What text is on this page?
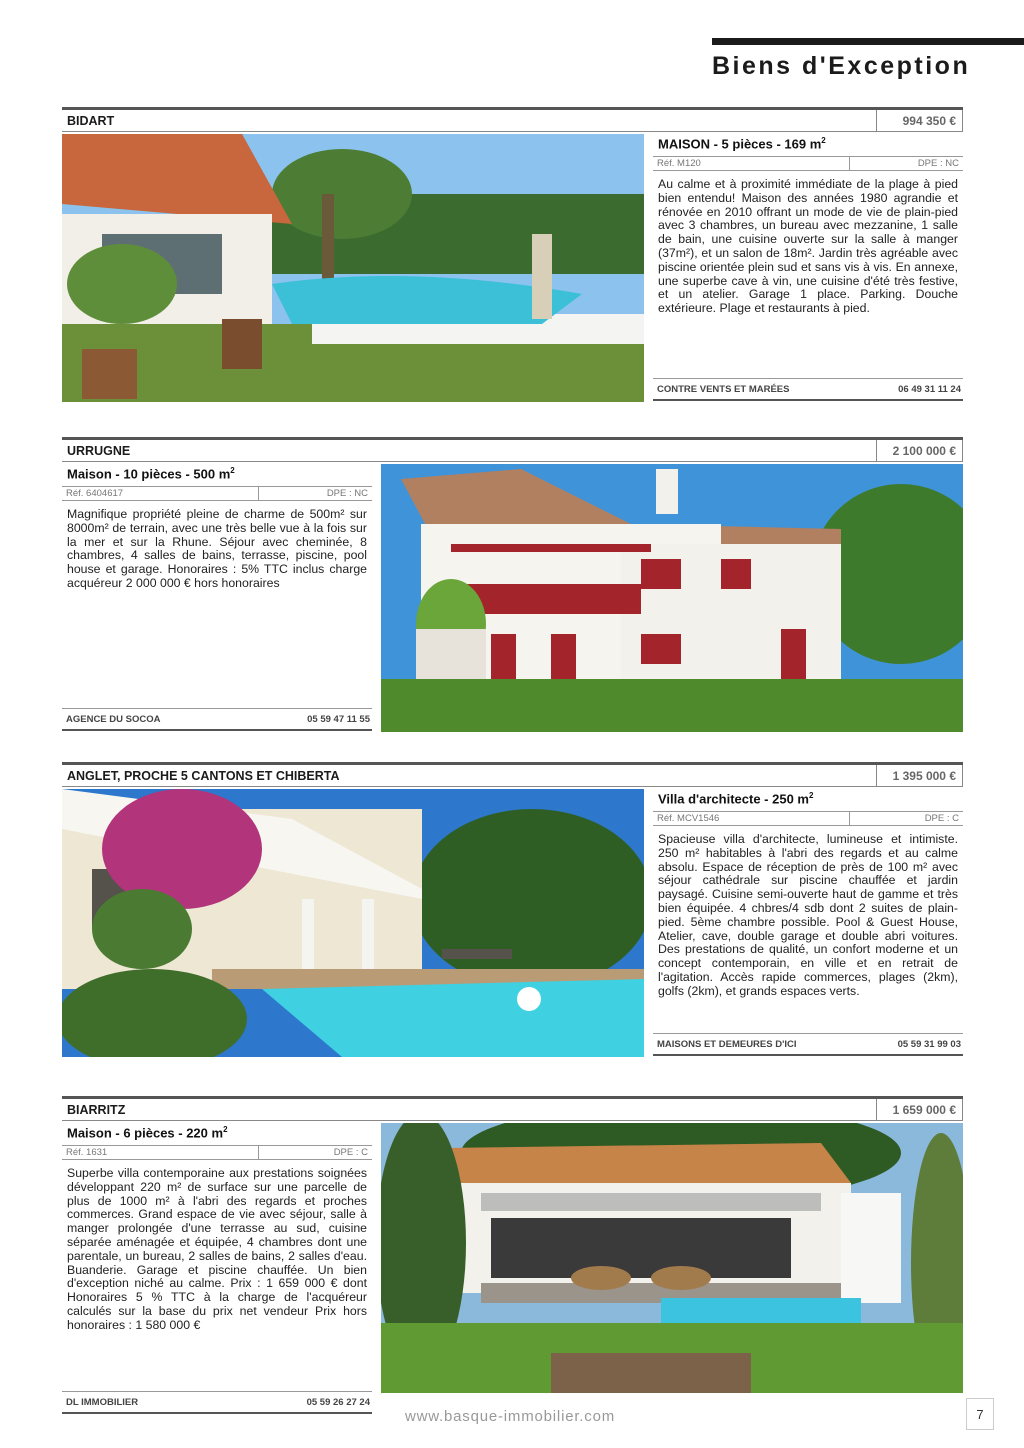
Biens d'Exception
BIDART	994 350 €
MAISON - 5 pièces - 169 $m^2$
Réf. M120	DPE : NC
Au calme et à proximité immédiate de la plage à pied bien entendu! Maison des années 1980 agrandie et rénovée en 2010 offrant un mode de vie de plain-pied avec 3 chambres, un bureau avec mezzanine, 1 salle de bain, une cuisine ouverte sur la salle à manger (37m²), et un salon de 18m². Jardin très agréable avec piscine orientée plein sud et sans vis à vis. En annexe, une superbe cave à vin, une cuisine d'été très festive, et un atelier. Garage 1 place. Parking. Douche extérieure. Plage et restaurants à pied.
CONTRE VENTS ET MARÉES	06 49 31 11 24
URRUGNE	2 100 000 €
Maison - 10 pièces - 500 $m^2$
Réf. 6404617	DPE : NC
Magnifique propriété pleine de charme de 500m² sur 8000m² de terrain, avec une très belle vue à la fois sur la mer et sur la Rhune. Séjour avec cheminée, 8 chambres, 4 salles de bains, terrasse, piscine, pool house et garage. Honoraires : 5% TTC inclus charge acquéreur 2 000 000 € hors honoraires
AGENCE DU SOCOA	05 59 47 11 55
ANGLET, PROCHE 5 CANTONS ET CHIBERTA	1 395 000 €
Villa d'architecte - 250 $m^2$
Réf. MCV1546	DPE : C
Spacieuse villa d'architecte, lumineuse et intimiste. 250 m² habitables à l'abri des regards et au calme absolu. Espace de réception de près de 100 m² avec séjour cathédrale sur piscine chauffée et jardin paysagé. Cuisine semi-ouverte haut de gamme et très bien équipée. 4 chbres/4 sdb dont 2 suites de plain-pied. 5ème chambre possible. Pool & Guest House, Atelier, cave, double garage et double abri voitures. Des prestations de qualité, un confort moderne et un concept contemporain, en ville et en retrait de l'agitation. Accès rapide commerces, plages (2km), golfs (2km), et grands espaces verts.
MAISONS ET DEMEURES D'ICI	05 59 31 99 03
BIARRITZ	1 659 000 €
Maison - 6 pièces - 220 $m^2$
Réf. 1631	DPE : C
Superbe villa contemporaine aux prestations soignées développant 220 m² de surface sur une parcelle de plus de 1000 m² à l'abri des regards et proches commerces. Grand espace de vie avec séjour, salle à manger prolongée d'une terrasse au sud, cuisine séparée aménagée et équipée, 4 chambres dont une parentale, un bureau, 2 salles de bains, 2 salles d'eau. Buanderie. Garage et piscine chauffée. Un bien d'exception niché au calme. Prix : 1 659 000 € dont Honoraires 5 % TTC à la charge de l'acquéreur calculés sur la base du prix net vendeur Prix hors honoraires : 1 580 000 €
DL IMMOBILIER	05 59 26 27 24
www.basque-immobilier.com	7
